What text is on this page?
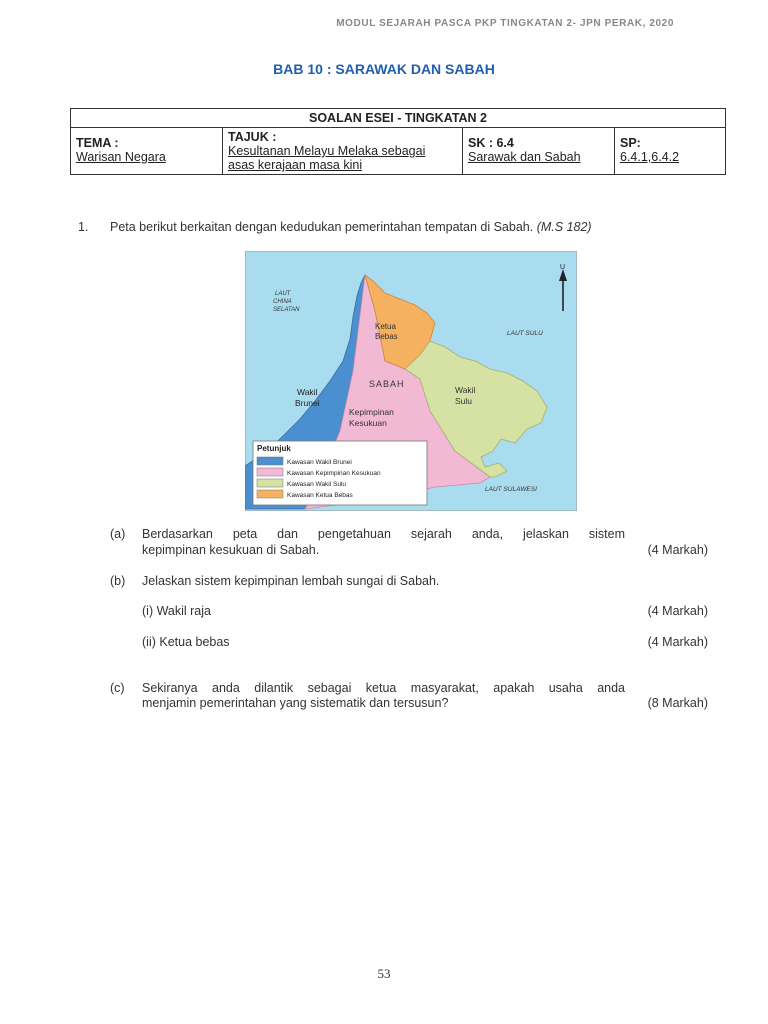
MODUL SEJARAH PASCA PKP TINGKATAN 2- JPN PERAK, 2020
BAB 10 : SARAWAK DAN SABAH
SOALAN ESEI - TINGKATAN 2

TEMA :
Warisan Negara

TAJUK :
Kesultanan Melayu Melaka sebagai
asas kerajaan masa kini

SK : 6.4
Sarawak dan Sabah

SP:
6.4.1,6.4.2
1. Peta berikut berkaitan dengan kedudukan pemerintahan tempatan di Sabah. (M.S 182)
U
LAUT
CHINA
SELATAN
LAUT SULU
LAUT SULAWESI
Ketua
Bebas
SABAH
Wakil
Brunei
Wakil
Sulu
Kepimpinan
Kesukuan
Petunjuk
Kawasan Wakil Brunei
Kawasan Kepimpinan Kesukuan
Kawasan Wakil Sulu
Kawasan Ketua Bebas
(a) Berdasarkan peta dan pengetahuan sejarah anda, jelaskan sistem
kepimpinan kesukuan di Sabah.	(4 Markah)
(b) Jelaskan sistem kepimpinan lembah sungai di Sabah.
(i) Wakil raja	(4 Markah)
(ii) Ketua bebas	(4 Markah)
(c) Sekiranya anda dilantik sebagai ketua masyarakat, apakah usaha anda
menjamin pemerintahan yang sistematik dan tersusun?	(8 Markah)
53
